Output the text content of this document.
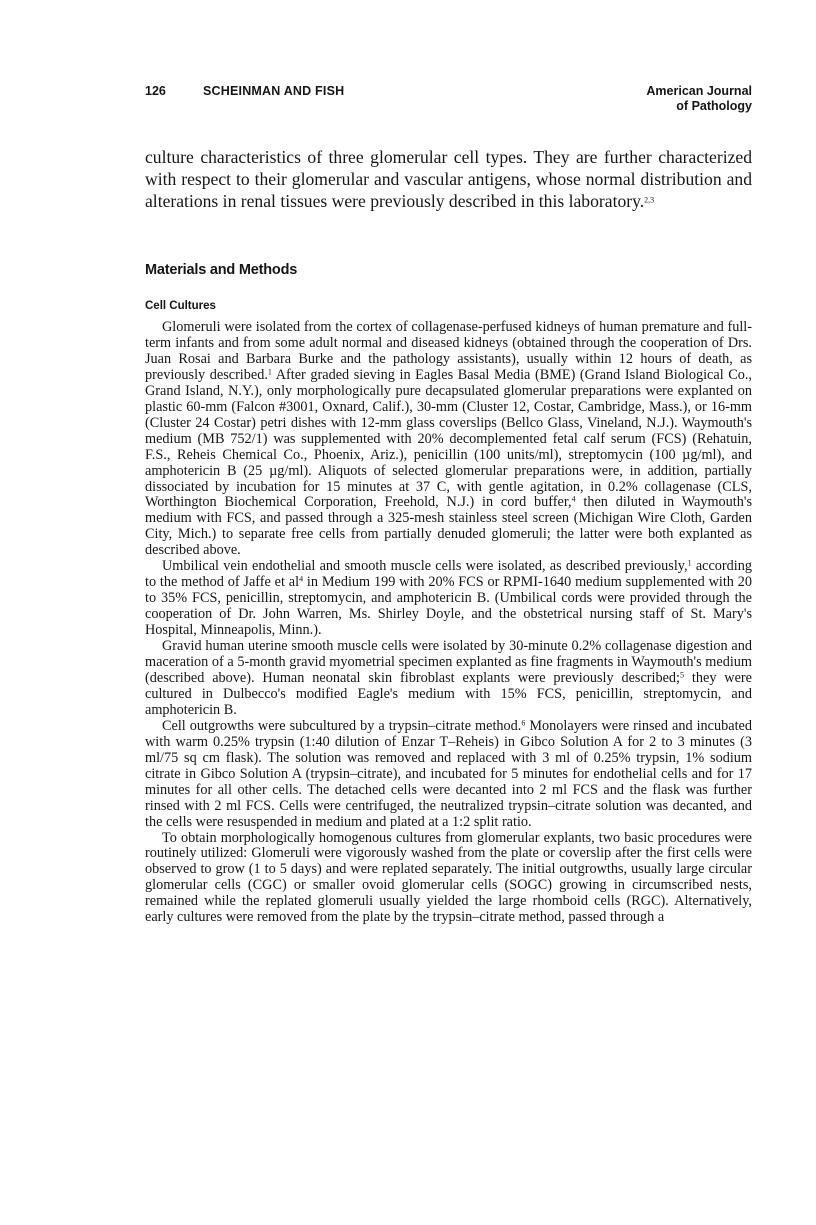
126	SCHEINMAN AND FISH	American Journal
of Pathology

culture characteristics of three glomerular cell types. They are further characterized with respect to their glomerular and vascular antigens, whose normal distribution and alterations in renal tissues were previously described in this laboratory.$^{2,3}$

Materials and Methods
Cell Cultures

Glomeruli were isolated from the cortex of collagenase-perfused kidneys of human premature and full-term infants and from some adult normal and diseased kidneys (obtained through the cooperation of Drs. Juan Rosai and Barbara Burke and the pathology assistants), usually within 12 hours of death, as previously described.$^1$ After graded sieving in Eagles Basal Media (BME) (Grand Island Biological Co., Grand Island, N.Y.), only morphologically pure decapsulated glomerular preparations were explanted on plastic 60-mm (Falcon #3001, Oxnard, Calif.), 30-mm (Cluster 12, Costar, Cambridge, Mass.), or 16-mm (Cluster 24 Costar) petri dishes with 12-mm glass coverslips (Bellco Glass, Vineland, N.J.). Waymouth's medium (MB 752/1) was supplemented with 20% decomplemented fetal calf serum (FCS) (Rehatuin, F.S., Reheis Chemical Co., Phoenix, Ariz.), penicillin (100 units/ml), streptomycin (100 µg/ml), and amphotericin B (25 µg/ml). Aliquots of selected glomerular preparations were, in addition, partially dissociated by incubation for 15 minutes at 37 C, with gentle agitation, in 0.2% collagenase (CLS, Worthington Biochemical Corporation, Freehold, N.J.) in cord buffer,$^4$ then diluted in Waymouth's medium with FCS, and passed through a 325-mesh stainless steel screen (Michigan Wire Cloth, Garden City, Mich.) to separate free cells from partially denuded glomeruli; the latter were both explanted as described above.

Umbilical vein endothelial and smooth muscle cells were isolated, as described previously,$^1$ according to the method of Jaffe et $al^4$ in Medium 199 with 20% FCS or RPMI-1640 medium supplemented with 20 to 35% FCS, penicillin, streptomycin, and amphotericin B. (Umbilical cords were provided through the cooperation of Dr. John Warren, Ms. Shirley Doyle, and the obstetrical nursing staff of St. Mary's Hospital, Minneapolis, Minn.).

Gravid human uterine smooth muscle cells were isolated by 30-minute 0.2% collagenase digestion and maceration of a 5-month gravid myometrial specimen explanted as fine fragments in Waymouth's medium (described above). Human neonatal skin fibroblast explants were previously described;$^5$ they were cultured in Dulbecco's modified Eagle's medium with 15% FCS, penicillin, streptomycin, and amphotericin B.

Cell outgrowths were subcultured by a trypsin–citrate method.$^6$ Monolayers were rinsed and incubated with warm 0.25% trypsin (1:40 dilution of Enzar T–Reheis) in Gibco Solution A for 2 to 3 minutes (3 ml/75 sq cm flask). The solution was removed and replaced with 3 ml of 0.25% trypsin, 1% sodium citrate in Gibco Solution A (trypsin–citrate), and incubated for 5 minutes for endothelial cells and for 17 minutes for all other cells. The detached cells were decanted into 2 ml FCS and the flask was further rinsed with 2 ml FCS. Cells were centrifuged, the neutralized trypsin–citrate solution was decanted, and the cells were resuspended in medium and plated at a 1:2 split ratio.

To obtain morphologically homogenous cultures from glomerular explants, two basic procedures were routinely utilized: Glomeruli were vigorously washed from the plate or coverslip after the first cells were observed to grow (1 to 5 days) and were replated separately. The initial outgrowths, usually large circular glomerular cells (CGC) or smaller ovoid glomerular cells (SOGC) growing in circumscribed nests, remained while the replated glomeruli usually yielded the large rhomboid cells (RGC). Alternatively, early cultures were removed from the plate by the trypsin–citrate method, passed through a
